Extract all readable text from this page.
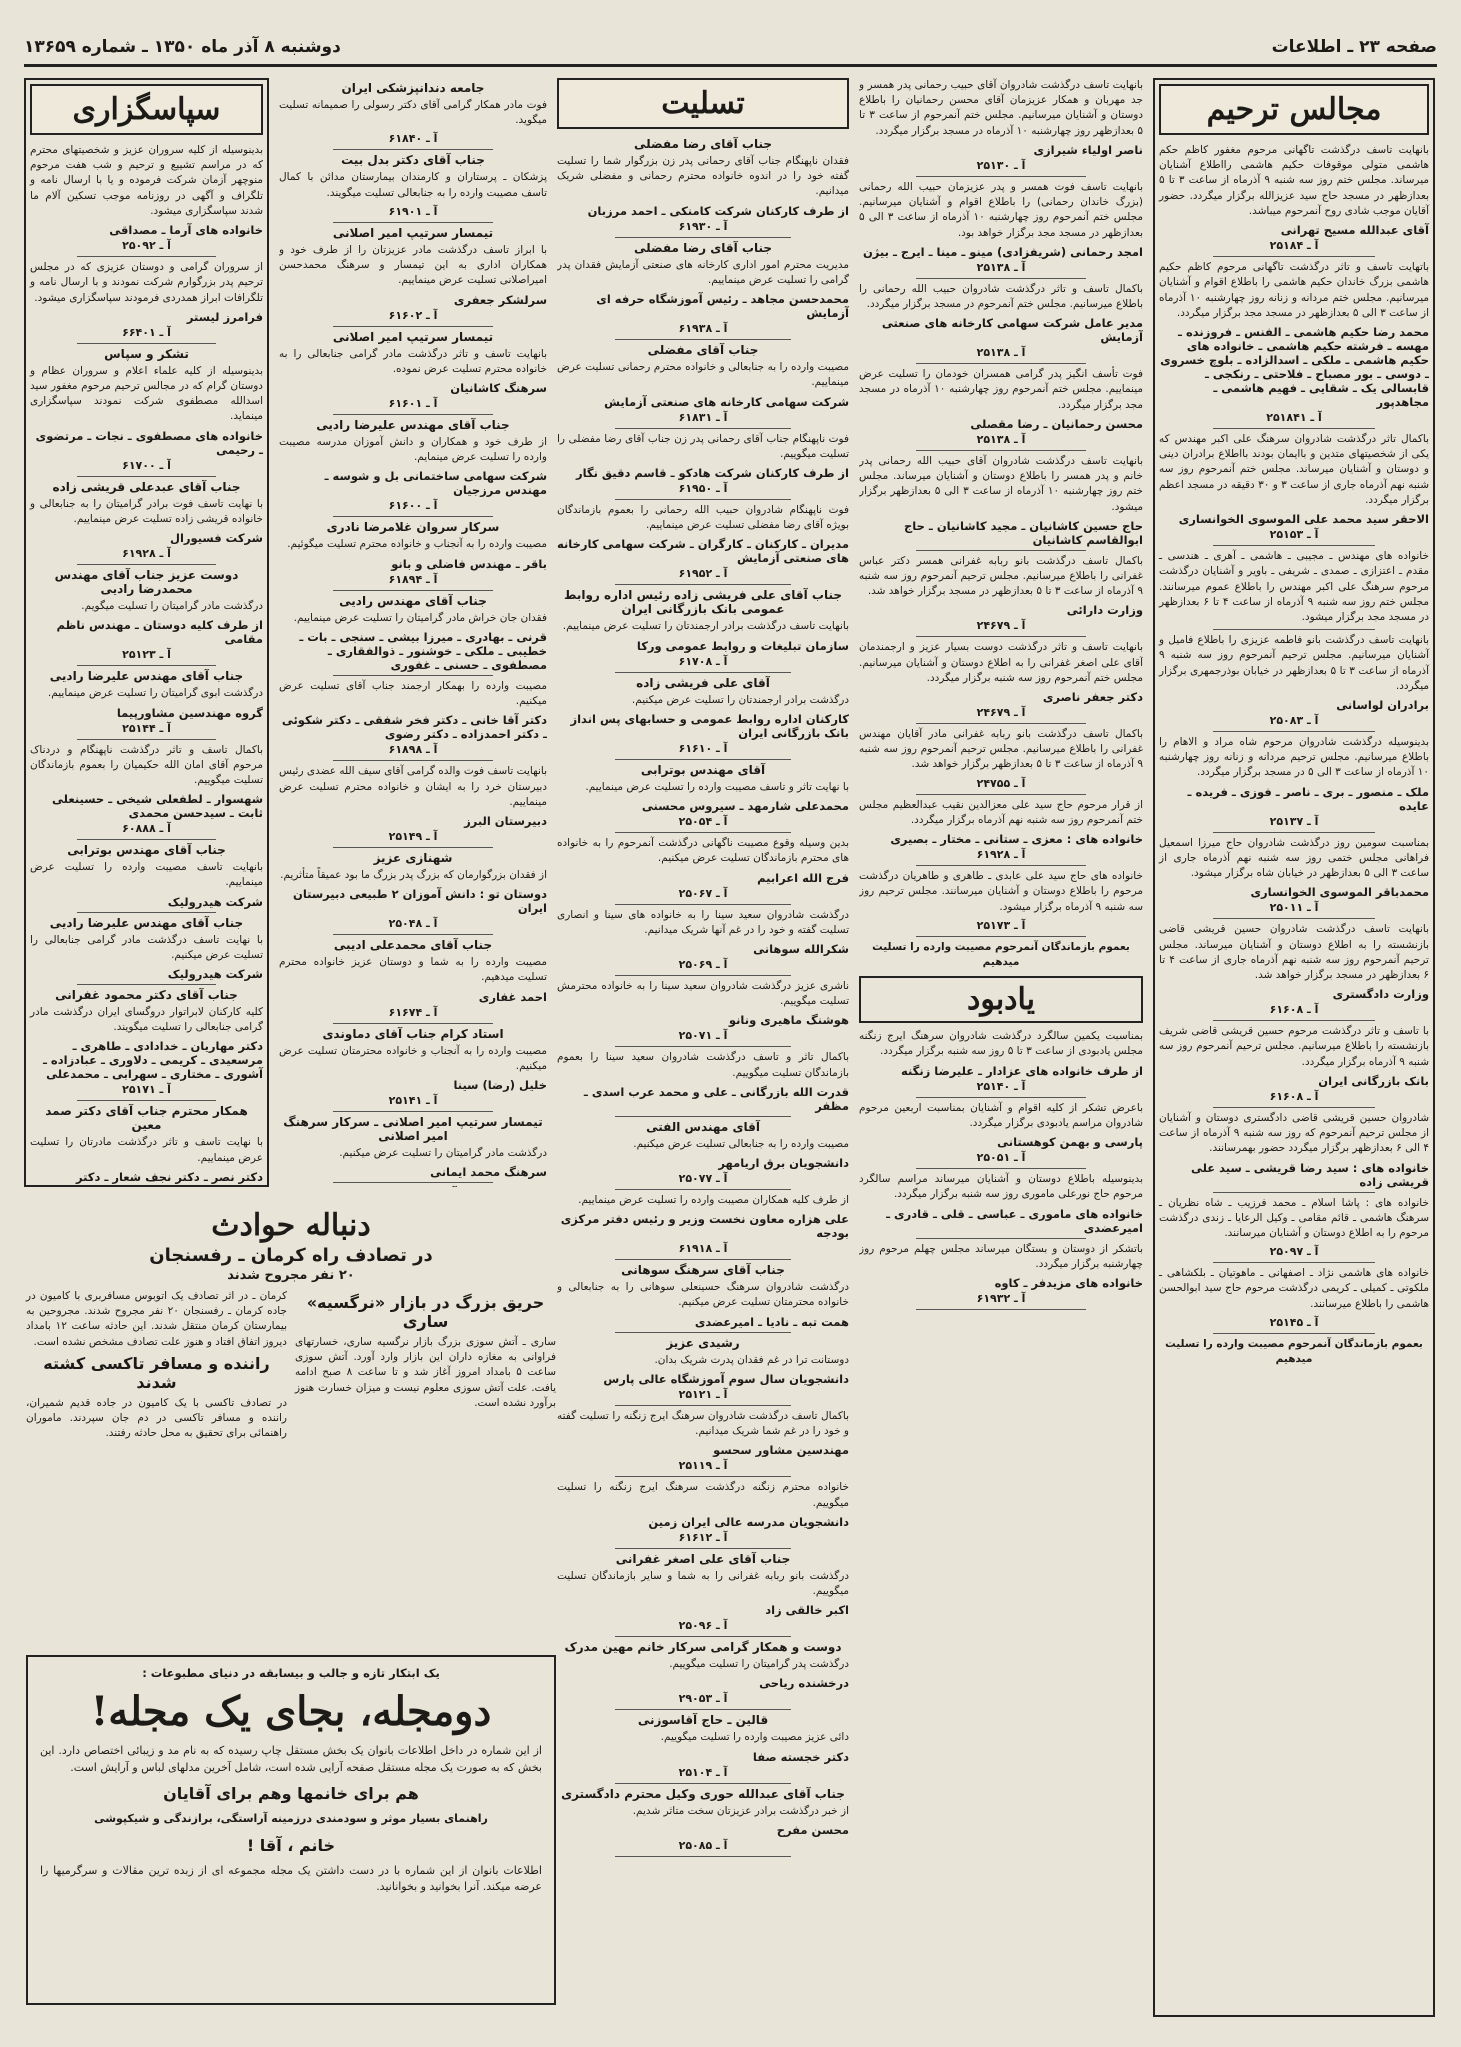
صفحه ۲۳ ـ اطلاعات
دوشنبه ۸ آذر ماه ۱۳۵۰ ـ شماره ۱۳۶۵۹
مجالس ترحیم
بانهایت تاسف درگذشت تاگهانی مرحوم مغفور کاظم حکم هاشمی متولی موقوفات حکیم هاشمی رااطلاع آشنایان میرساند. مجلس ختم روز سه شنبه ۹ آذرماه از ساعت ۳ تا ۵ بعدازظهر در مسجد حاج سید عزیزالله برگزار میگردد. حضور آقایان موجب شادی روح آنمرحوم میباشد.
آقای عبدالله مسیح تهرانی
آ ـ ۲۵۱۸۴
باتهایت تاسف و تاثر درگذشت تاگهانی مرحوم کاظم حکیم هاشمی بزرگ خاندان حکیم هاشمی را باطلاع اقوام و آشنایان میرسانیم. مجلس ختم مردانه و زنانه روز چهارشنبه ۱۰ آذرماه از ساعت ۳ الی ۵ بعدازظهر در مسجد مجد برگزار میگردد.
محمد رضا حکیم هاشمی ـ الفنس ـ فروزنده ـ مهسه ـ فرشته حکیم هاشمی ـ خانواده های حکیم هاشمی ـ ملکی ـ اسدالزاده ـ بلوچ خسروی ـ دوسی ـ بور مصباح ـ فلاحتی ـ رنکجی ـ قابسالی یک ـ شقایی ـ فهیم هاشمی ـ مجاهدپور
آ ـ ۲۵۱۸۴۱
باکمال تاثر درگذشت شادروان سرهنگ علی اکبر مهندس که یکی از شخصیتهای متدین و باایمان بودند بااطلاع برادران دینی و دوستان و آشنایان میرساند. مجلس ختم آنمرحوم روز سه شنبه نهم آذرماه جاری از ساعت ۳ و ۳۰ دقیقه در مسجد اعظم برگزار میگردد.
الاحقر سید محمد علی الموسوی الخوانساری
آ ـ ۲۵۱۵۳
خانواده های مهندس ـ مجیبی ـ هاشمی ـ آهری ـ هندسی ـ مقدم ـ اعتزازی ـ صمدی ـ شریفی ـ باویر و آشنایان درگذشت مرحوم سرهنگ علی اکبر مهندس را باطلاع عموم میرسانند. مجلس ختم روز سه شنبه ۹ آذرماه از ساعت ۴ تا ۶ بعدازظهر در مسجد مجد برگزار میشود.
بانهایت تاسف درگذشت بانو فاطمه عزیزی را باطلاع فامیل و آشنایان میرسانیم. مجلس ترحیم آنمرحوم روز سه شنبه ۹ آذرماه از ساعت ۳ تا ۵ بعدازظهر در خیابان بوذرجمهری برگزار میگردد.
برادران لواسانی
آ ـ ۲۵۰۸۳
بدینوسیله درگذشت شادروان مرحوم شاه مراد و الاهام را باطلاع میرسانیم. مجلس ترحیم مردانه و زنانه روز چهارشنبه ۱۰ آذرماه از ساعت ۳ الی ۵ در مسجد برگزار میگردد.
ملک ـ منصور ـ بری ـ ناصر ـ فوزی ـ فریده ـ عایده
آ ـ ۲۵۱۳۷
بمناسبت سومین روز درگذشت شادروان حاج میرزا اسمعیل فراهانی مجلس ختمی روز سه شنبه نهم آذرماه جاری از ساعت ۳ الی ۵ بعدازظهر در خیابان شاه برگزار میشود.
محمدباقر الموسوی الخوانساری
آ ـ ۲۵۰۱۱
بانهایت تاسف درگذشت شادروان حسین قریشی قاضی بازنشسته را به اطلاع دوستان و آشنایان میرساند. مجلس ترحیم آنمرحوم روز سه شنبه نهم آذرماه جاری از ساعت ۴ تا ۶ بعدازظهر در مسجد برگزار خواهد شد.
وزارت دادگستری
آ ـ ۶۱۶۰۸
با تاسف و تاثر درگذشت مرحوم حسین قریشی قاضی شریف بازنشسته را باطلاع میرسانیم. مجلس ترحیم آنمرحوم روز سه شنبه ۹ آذرماه برگزار میگردد.
بانک بازرگانی ایران
آ ـ ۶۱۶۰۸
شادروان حسین قریشی قاضی دادگستری دوستان و آشنایان از مجلس ترحیم آنمرحوم که روز سه شنبه ۹ آذرماه از ساعت ۴ الی ۶ بعدازظهر برگزار میگردد حضور بهمرسانند.
خانواده های : سید رضا قریشی ـ سید علی قریشی زاده
خانواده های : پاشا اسلام ـ محمد فرزیب ـ شاه نظریان ـ سرهنگ هاشمی ـ قائم مقامی ـ وکیل الرعایا ـ زندی درگذشت مرحوم را به اطلاع دوستان و آشنایان میرسانند.
آ ـ ۲۵۰۹۷
خانواده های هاشمی نژاد ـ اصفهانی ـ ماهوتیان ـ بلکشاهی ـ ملکوتی ـ کمیلی ـ کریمی درگذشت مرحوم حاج سید ابوالحسن هاشمی را باطلاع میرسانند.
آ ـ ۲۵۱۴۵
بعموم بازماندگان آنمرحوم مصیبت وارده را تسلیت میدهیم
بانهایت تاسف درگذشت شادروان آقای حبیب رحمانی پدر همسر و جد مهربان و همکار عزیزمان آقای محسن رحمانیان را باطلاع دوستان و آشنایان میرسانیم. مجلس ختم آنمرحوم از ساعت ۳ تا ۵ بعدازظهر روز چهارشنبه ۱۰ آذرماه در مسجد برگزار میگردد.
ناصر اولیاء شیرازی
آ ـ ۲۵۱۳۰
بانهایت تاسف فوت همسر و پدر عزیزمان حبیب الله رحمانی (بزرگ خاندان رحمانی) را باطلاع اقوام و آشنایان میرسانیم. مجلس ختم آنمرحوم روز چهارشنبه ۱۰ آذرماه از ساعت ۳ الی ۵ بعدازظهر در مسجد مجد برگزار خواهد بود.
امجد رحمانی (شریفزادی) مینو ـ مینا ـ ایرج ـ بیژن
آ ـ ۲۵۱۳۸
باکمال تاسف و تاثر درگذشت شادروان حبیب الله رحمانی را باطلاع میرسانیم. مجلس ختم آنمرحوم در مسجد برگزار میگردد.
مدیر عامل شرکت سهامی کارخانه های صنعتی آزمایش
آ ـ ۲۵۱۳۸
فوت تأسف انگیز پدر گرامی همسران خودمان را تسلیت عرض مینماییم. مجلس ختم آنمرحوم روز چهارشنبه ۱۰ آذرماه در مسجد مجد برگزار میگردد.
محسن رحمانیان ـ رضا مقصلی
آ ـ ۲۵۱۳۸
بانهایت تاسف درگذشت شادروان آقای حبیب الله رحمانی پدر خانم و پدر همسر را باطلاع دوستان و آشنایان میرساند. مجلس ختم روز چهارشنبه ۱۰ آذرماه از ساعت ۳ الی ۵ بعدازظهر برگزار میشود.
حاج حسین کاشانیان ـ مجید کاشانیان ـ حاج ابوالقاسم کاشانیان
باکمال تاسف درگذشت بانو ربابه غفرانی همسر دکتر عباس غفرانی را باطلاع میرسانیم. مجلس ترحیم آنمرحوم روز سه شنبه ۹ آذرماه از ساعت ۳ تا ۵ بعدازظهر در مسجد برگزار خواهد شد.
وزارت دارائی
آ ـ ۲۴۶۷۹
بانهایت تاسف و تاثر درگذشت دوست بسیار عزیز و ارجمندمان آقای علی اصغر غفرانی را به اطلاع دوستان و آشنایان میرسانیم. مجلس ختم آنمرحوم روز سه شنبه برگزار میگردد.
دکتر جعفر ناصری
آ ـ ۲۴۶۷۹
باکمال تاسف درگذشت بانو ربابه غفرانی مادر آقایان مهندس غفرانی را باطلاع میرسانیم. مجلس ترحیم آنمرحوم روز سه شنبه ۹ آذرماه از ساعت ۳ تا ۵ بعدازظهر برگزار خواهد شد.
آ ـ ۲۴۷۵۵
از قرار مرحوم حاج سید علی معزالدین نقیب عبدالعظیم مجلس ختم آنمرحوم روز سه شنبه نهم آذرماه برگزار میگردد.
خانواده های : معزی ـ ستانی ـ مختار ـ بصیری
آ ـ ۶۱۹۲۸
خانواده های حاج سید علی عابدی ـ طاهری و طاهریان درگذشت مرحوم را باطلاع دوستان و آشنایان میرسانند. مجلس ترحیم روز سه شنبه ۹ آذرماه برگزار میشود.
آ ـ ۲۵۱۷۳
بعموم بازماندگان آنمرحوم مصیبت وارده را تسلیت میدهیم
یادبود
بمناسبت یکمین سالگرد درگذشت شادروان سرهنگ ایرج زنگنه مجلس یادبودی از ساعت ۳ تا ۵ روز سه شنبه برگزار میگردد.
از طرف خانواده های عزادار ـ علیرضا زنگنه
آ ـ ۲۵۱۴۰
باعرض تشکر از کلیه اقوام و آشنایان بمناسبت اربعین مرحوم شادروان مراسم یادبودی برگزار میگردد.
پارسی و بهمن کوهستانی
آ ـ ۲۵۰۵۱
بدینوسیله باطلاع دوستان و آشنایان میرساند مراسم سالگرد مرحوم حاج نورعلی ماموری روز سه شنبه برگزار میگردد.
خانواده های ماموری ـ عباسی ـ قلی ـ قادری ـ امیرعضدی
باتشکر از دوستان و بستگان میرساند مجلس چهلم مرحوم روز چهارشنبه برگزار میگردد.
خانواده های مزیدفر ـ کاوه
آ ـ ۶۱۹۳۲
تسلیت
جناب آقای رضا مفضلی
فقدان ناپهنگام جناب آقای رحمانی پدر زن بزرگوار شما را تسلیت گفته خود را در اندوه خانواده محترم رحمانی و مفضلی شریک میدانیم.
از طرف کارکنان شرکت کامنکی ـ احمد مرزبان
آ ـ ۶۱۹۳۰
جناب آقای رضا مفضلی
مدیریت محترم امور اداری کارخانه های صنعتی آزمایش فقدان پدر گرامی را تسلیت عرض مینماییم.
محمدحسن مجاهد ـ رئیس آموزشگاه حرفه ای آزمایش
آ ـ ۶۱۹۳۸
جناب آقای مفضلی
مصیبت وارده را به جنابعالی و خانواده محترم رحمانی تسلیت عرض مینماییم.
شرکت سهامی کارخانه های صنعتی آزمایش
آ ـ ۶۱۸۳۱
فوت ناپهنگام جناب آقای رحمانی پدر زن جناب آقای رضا مفضلی را تسلیت میگوییم.
از طرف کارکنان شرکت هادکو ـ قاسم دقیق نگار
آ ـ ۶۱۹۵۰
فوت ناپهنگام شادروان حبیب الله رحمانی را بعموم بازماندگان بویژه آقای رضا مفضلی تسلیت عرض مینماییم.
مدیران ـ کارکنان ـ کارگران ـ شرکت سهامی کارخانه های صنعتی آزمایش
آ ـ ۶۱۹۵۲
جناب آقای علی فریشی زاده رئیس اداره روابط عمومی بانک بازرگانی ایران
بانهایت تاسف درگذشت برادر ارجمندتان را تسلیت عرض مینماییم.
سازمان تبلیغات و روابط عمومی ورکا
آ ـ ۶۱۷۰۸
آقای علی فریشی زاده
درگذشت برادر ارجمندتان را تسلیت عرض میکنیم.
کارکنان اداره روابط عمومی و حسابهای پس انداز بانک بازرگانی ایران
آ ـ ۶۱۶۱۰
آقای مهندس بوترابی
با نهایت تاثر و تاسف مصیبت وارده را تسلیت عرض مینماییم.
محمدعلی شارمهد ـ سیروس محسنی
آ ـ ۲۵۰۵۴
بدین وسیله وقوع مصیبت ناگهانی درگذشت آنمرحوم را به خانواده های محترم بازماندگان تسلیت عرض میکنیم.
فرج الله اعرابیم
آ ـ ۲۵۰۶۷
درگذشت شادروان سعید سینا را به خانواده های سینا و انصاری تسلیت گفته و خود را در غم آنها شریک میدانیم.
شکرالله سوهانی
آ ـ ۲۵۰۶۹
ناشری عزیز درگذشت شادروان سعید سینا را به خانواده محترمش تسلیت میگوییم.
هوشنگ ماهیری ونانو
آ ـ ۲۵۰۷۱
باکمال تاثر و تاسف درگذشت شادروان سعید سینا را بعموم بازماندگان تسلیت میگوییم.
قدرت الله بازرگانی ـ علی و محمد عرب اسدی ـ مظفر
آقای مهندس الفتی
مصیبت وارده را به جنابعالی تسلیت عرض میکنیم.
دانشجویان برق اریامهر
آ ـ ۲۵۰۷۷
از طرف کلیه همکاران مصیبت وارده را تسلیت عرض مینماییم.
علی هزاره معاون نخست وزیر و رئیس دفتر مرکزی بودجه
آ ـ ۶۱۹۱۸
جناب آقای سرهنگ سوهانی
درگذشت شادروان سرهنگ حسینعلی سوهانی را به جنابعالی و خانواده محترمتان تسلیت عرض میکنیم.
همت تبه ـ نادیا ـ امیرعضدی
رشیدی عزیز
دوستانت ترا در غم فقدان پدرت شریک بدان.
دانشجویان سال سوم آموزشگاه عالی پارس
آ ـ ۲۵۱۲۱
باکمال تاسف درگذشت شادروان سرهنگ ایرج زنگنه را تسلیت گفته و خود را در غم شما شریک میدانیم.
مهندسین مشاور سحسو
آ ـ ۲۵۱۱۹
خانواده محترم زنگنه درگذشت سرهنگ ایرج زنگنه را تسلیت میگوییم.
دانشجویان مدرسه عالی ایران زمین
آ ـ ۶۱۶۱۲
جناب آقای علی اصغر غفرانی
درگذشت بانو ربابه غفرانی را به شما و سایر بازماندگان تسلیت میگوییم.
اکبر خالقی زاد
آ ـ ۲۵۰۹۶
دوست و همکار گرامی سرکار خانم مهین مدرک
درگذشت پدر گرامیتان را تسلیت میگوییم.
درخشنده ریاحی
آ ـ ۲۹۰۵۳
قالین ـ حاج آقاسوزنی
دائی عزیز مصیبت وارده را تسلیت میگوییم.
دکتر خجسته صفا
آ ـ ۲۵۱۰۴
جناب آقای عبدالله حوری وکیل محترم دادگستری
از خبر درگذشت برادر عزیزتان سخت متاثر شدیم.
محسن مفرح
آ ـ ۲۵۰۸۵
جامعه دندانپزشکی ایران
فوت مادر همکار گرامی آقای دکتر رسولی را صمیمانه تسلیت میگوید.
آ ـ ۶۱۸۴۰
جناب آقای دکتر بدل بیت
پزشکان ـ پرستاران و کارمندان بیمارستان مدائن با کمال تاسف مصیبت وارده را به جنابعالی تسلیت میگویند.
آ ـ ۶۱۹۰۱
تیمسار سرتیپ امیر اصلانی
با ابراز تاسف درگذشت مادر عزیزتان را از طرف خود و همکاران اداری به این تیمسار و سرهنگ محمدحسن امیراصلانی تسلیت عرض مینماییم.
سرلشکر جعفری
آ ـ ۶۱۶۰۲
تیمسار سرتیپ امیر اصلانی
بانهایت تاسف و تاثر درگذشت مادر گرامی جنابعالی را به خانواده محترم تسلیت عرض نموده.
سرهنگ کاشانیان
آ ـ ۶۱۶۰۱
جناب آقای مهندس علیرضا رادیی
از طرف خود و همکاران و دانش آموزان مدرسه مصیبت وارده را تسلیت عرض مینمایم.
شرکت سهامی ساختمانی بل و شوسه ـ مهندس مرزجیان
آ ـ ۶۱۶۰۰
سرکار سروان غلامرضا نادری
مصیبت وارده را به آنجناب و خانواده محترم تسلیت میگوئیم.
باقر ـ مهندس فاضلی و بانو
آ ـ ۶۱۸۹۴
جناب آقای مهندس رادیی
فقدان جان خراش مادر گرامیتان را تسلیت عرض مینماییم.
قرنی ـ بهادری ـ میرزا بیشی ـ سنجی ـ بات ـ خطیبی ـ ملکی ـ خوشنور ـ ذوالفقاری ـ مصطفوی ـ حسنی ـ غفوری
مصیبت وارده را بهمکار ارجمند جناب آقای تسلیت عرض میکنیم.
دکتر آقا خانی ـ دکتر فخر شفقی ـ دکتر شکوئی ـ دکتر احمدزاده ـ دکتر رضوی
آ ـ ۶۱۸۹۸
بانهایت تاسف فوت والده گرامی آقای سیف الله عضدی رئیس دبیرستان خرد را به ایشان و خانواده محترم تسلیت عرض مینماییم.
دبیرستان البرز
آ ـ ۲۵۱۴۹
شهنازی عزیز
از فقدان بزرگوارمان که بزرگ پدر بزرگ ما بود عمیقاً متأثریم.
دوستان تو : دانش آموزان ۲ طبیعی دبیرستان ایران
آ ـ ۲۵۰۴۸
جناب آقای محمدعلی ادیبی
مصیبت وارده را به شما و دوستان عزیز خانواده محترم تسلیت میدهیم.
احمد غفاری
آ ـ ۶۱۶۷۴
استاد کرام جناب آقای دماوندی
مصیبت وارده را به آنجناب و خانواده محترمتان تسلیت عرض میکنیم.
خلیل (رضا) سینا
آ ـ ۲۵۱۴۱
تیمسار سرتیپ امیر اصلانی ـ سرکار سرهنگ امیر اصلانی
درگذشت مادر گرامیتان را تسلیت عرض میکنیم.
سرهنگ محمد ایمانی
سپاسگزاری
بدینوسیله از کلیه سروران عزیز و شخصیتهای محترم که در مراسم تشییع و ترحیم و شب هفت مرحوم منوچهر آزمان شرکت فرموده و یا با ارسال نامه و تلگراف و آگهی در روزنامه موجب تسکین آلام ما شدند سپاسگزاری میشود.
خانواده های آرما ـ مصداقی
آ ـ ۲۵۰۹۲
از سروران گرامی و دوستان عزیزی که در مجلس ترحیم پدر بزرگوارم شرکت نمودند و با ارسال نامه و تلگرافات ابراز همدردی فرمودند سپاسگزاری میشود.
فرامرز لیستر
آ ـ ۶۶۴۰۱
تشکر و سپاس
بدینوسیله از کلیه علماء اعلام و سروران عظام و دوستان گرام که در مجالس ترحیم مرحوم مغفور سید اسدالله مصطفوی شرکت نمودند سپاسگزاری مینماید.
خانواده های مصطفوی ـ نجات ـ مرتضوی ـ رحیمی
آ ـ ۶۱۷۰۰
جناب آقای عبدعلی قریشی زاده
با نهایت تاسف فوت برادر گرامیتان را به جنابعالی و خانواده قریشی زاده تسلیت عرض مینماییم.
شرکت فسیورال
آ ـ ۶۱۹۲۸
دوست عزیز جناب آقای مهندس محمدرضا رادیی
درگذشت مادر گرامیتان را تسلیت میگویم.
از طرف کلیه دوستان ـ مهندس ناظم مقامی
آ ـ ۲۵۱۲۳
جناب آقای مهندس علیرضا رادیی
درگذشت ابوی گرامیتان را تسلیت عرض مینماییم.
گروه مهندسین مشاورپیما
آ ـ ۲۵۱۴۴
باکمال تاسف و تاثر درگذشت ناپهنگام و دردناک مرحوم آقای امان الله حکیمیان را بعموم بازماندگان تسلیت میگوییم.
شهسوار ـ لطفعلی شیخی ـ حسینعلی ثابت ـ سیدحسن محمدی
آ ـ ۶۰۸۸۸
جناب آقای مهندس بوترابی
بانهایت تاسف مصیبت وارده را تسلیت عرض مینماییم.
شرکت هیدرولیک
جناب آقای مهندس علیرضا رادیی
با نهایت تاسف درگذشت مادر گرامی جنابعالی را تسلیت عرض میکنیم.
شرکت هیدرولیک
جناب آقای دکتر محمود غفرانی
کلیه کارکنان لابراتوار دروگسای ایران درگذشت مادر گرامی جنابعالی را تسلیت میگویند.
دکتر مهاریان ـ خدادادی ـ طاهری ـ مرسعیدی ـ کریمی ـ دلاوری ـ عبادزاده ـ آشوری ـ مختاری ـ سهرابی ـ محمدعلی
آ ـ ۲۵۱۷۱
همکار محترم جناب آقای دکتر صمد معین
با نهایت تاسف و تاثر درگذشت مادرتان را تسلیت عرض مینماییم.
دکتر نصر ـ دکتر نجف شعار ـ دکتر
دنباله حوادث
در تصادف راه کرمان ـ رفسنجان
۲۰ نفر مجروح شدند
حریق بزرگ در بازار «نرگسیه» ساری
ساری ـ آتش سوزی بزرگ بازار نرگسیه ساری، خسارتهای فراوانی به مغازه داران این بازار وارد آورد. آتش سوزی ساعت ۵ بامداد امروز آغاز شد و تا ساعت ۸ صبح ادامه یافت. علت آتش سوزی معلوم نیست و میزان خسارت هنوز برآورد نشده است.
کرمان ـ در اثر تصادف یک اتوبوس مسافربری با کامیون در جاده کرمان ـ رفسنجان ۲۰ نفر مجروح شدند. مجروحین به بیمارستان کرمان منتقل شدند. این حادثه ساعت ۱۲ بامداد دیروز اتفاق افتاد و هنوز علت تصادف مشخص نشده است.
راننده و مسافر تاکسی کشته شدند
در تصادف تاکسی با یک کامیون در جاده قدیم شمیران، راننده و مسافر تاکسی در دم جان سپردند. ماموران راهنمائی برای تحقیق به محل حادثه رفتند.
یک ابتکار تازه و جالب و بیسابقه در دنیای مطبوعات :
دومجله، بجای یک مجله!
از این شماره در داخل اطلاعات بانوان یک بخش مستقل چاپ رسیده که به نام مد و زیبائی اختصاص دارد. این بخش که به صورت یک مجله مستقل صفحه آرایی شده است، شامل آخرین مدلهای لباس و آرایش است.
هم برای خانمها وهم برای آقایان
راهنمای بسیار موثر و سودمندی درزمینه آراستگی، برازندگی و شیکپوشی
خانم ، آقا !
اطلاعات بانوان از این شماره با در دست داشتن یک مجله مجموعه ای از زبده ترین مقالات و سرگرمیها را عرضه میکند. آنرا بخوانید و بخوانانید.
